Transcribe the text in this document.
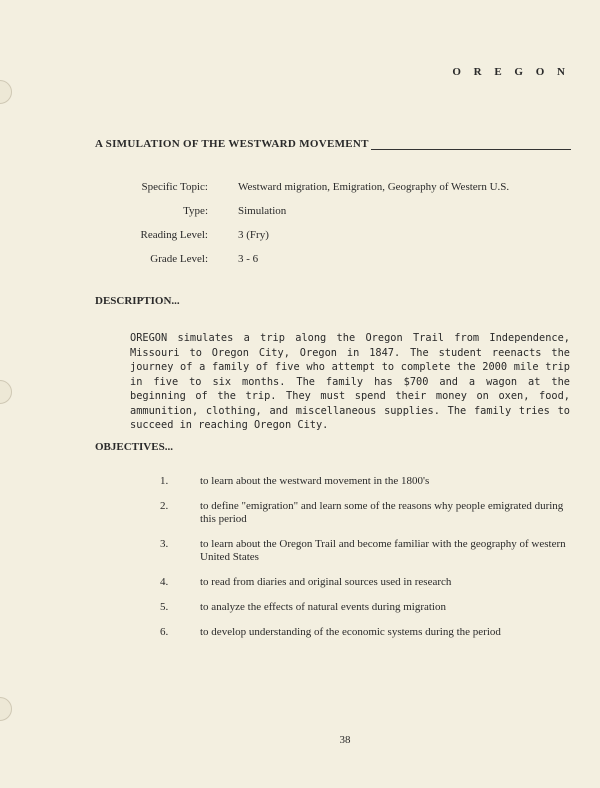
O R E G O N
A SIMULATION OF THE WESTWARD MOVEMENT
Specific Topic:	Westward migration, Emigration, Geography of Western U.S.
Type:	Simulation
Reading Level:	3 (Fry)
Grade Level:	3 - 6
DESCRIPTION...
OREGON simulates a trip along the Oregon Trail from Independence, Missouri to Oregon City, Oregon in 1847. The student reenacts the journey of a family of five who attempt to complete the 2000 mile trip in five to six months. The family has $700 and a wagon at the beginning of the trip. They must spend their money on oxen, food, ammunition, clothing, and miscellaneous supplies. The family tries to succeed in reaching Oregon City.
OBJECTIVES...
1.	to learn about the westward movement in the 1800's
2.	to define "emigration" and learn some of the reasons why people emigrated during this period
3.	to learn about the Oregon Trail and become familiar with the geography of western United States
4.	to read from diaries and original sources used in research
5.	to analyze the effects of natural events during migration
6.	to develop understanding of the economic systems during the period
38
